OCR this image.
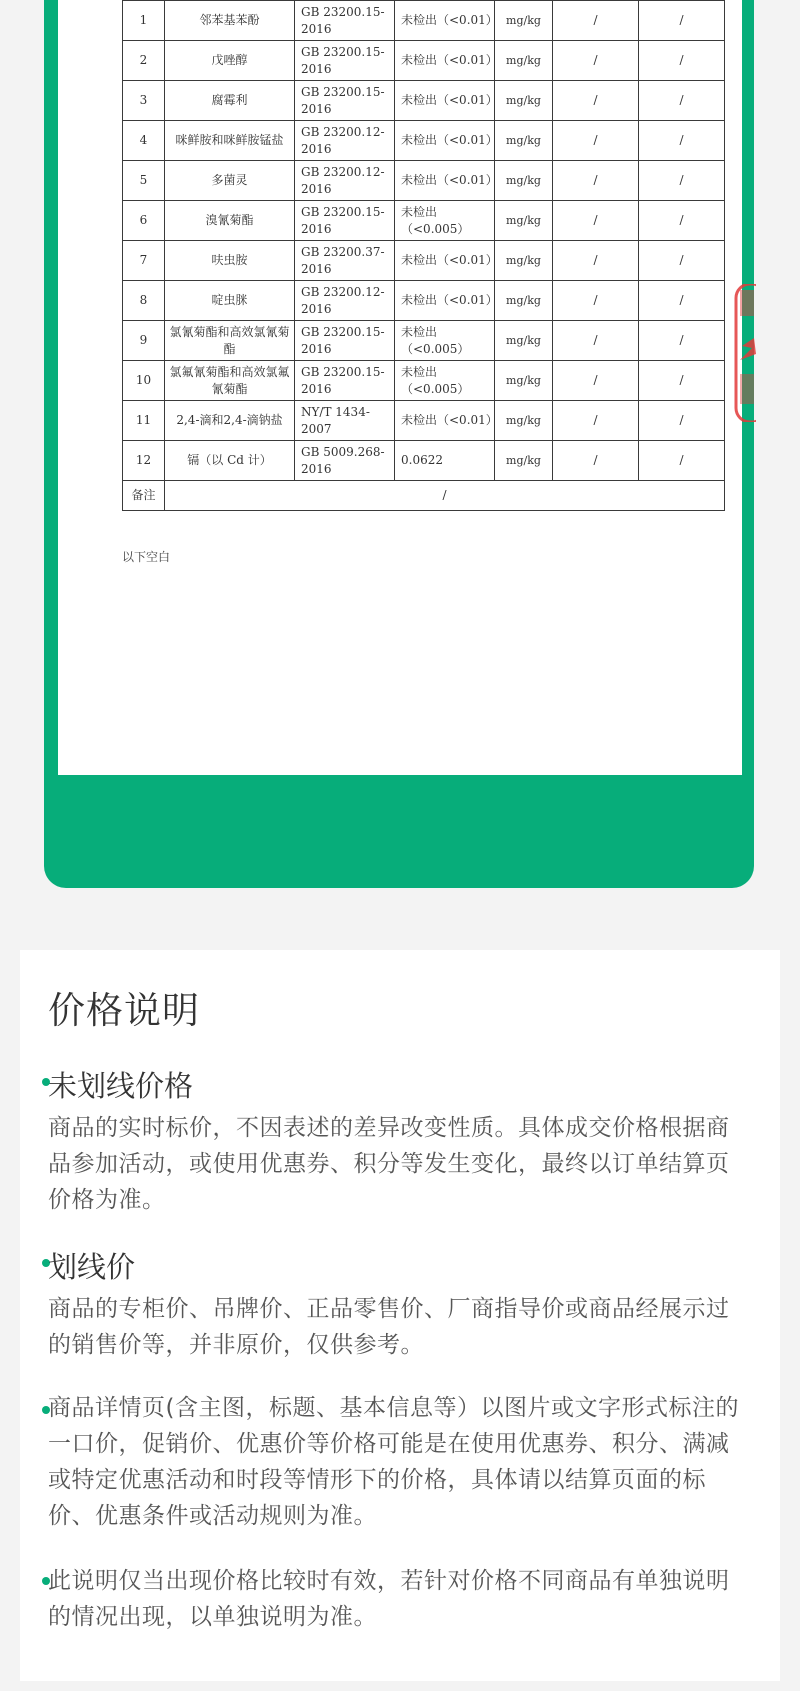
1	邻苯基苯酚	GB 23200.15-2016	未检出（<0.01）	mg/kg	/	/
2	戊唑醇	GB 23200.15-2016	未检出（<0.01）	mg/kg	/	/
3	腐霉利	GB 23200.15-2016	未检出（<0.01）	mg/kg	/	/
4	咪鲜胺和咪鲜胺锰盐	GB 23200.12-2016	未检出（<0.01）	mg/kg	/	/
5	多菌灵	GB 23200.12-2016	未检出（<0.01）	mg/kg	/	/
6	溴氰菊酯	GB 23200.15-2016	未检出（<0.005）	mg/kg	/	/
7	呋虫胺	GB 23200.37-2016	未检出（<0.01）	mg/kg	/	/
8	啶虫脒	GB 23200.12-2016	未检出（<0.01）	mg/kg	/	/
9	氯氰菊酯和高效氯氰菊酯	GB 23200.15-2016	未检出（<0.005）	mg/kg	/	/
10	氯氟氰菊酯和高效氯氟氰菊酯	GB 23200.15-2016	未检出（<0.005）	mg/kg	/	/
11	2,4-滴和2,4-滴钠盐	NY/T 1434-2007	未检出（<0.01）	mg/kg	/	/
12	镉（以 Cd 计）	GB 5009.268-2016	0.0622	mg/kg	/	/
备注	/					
以下空白
价格说明
未划线价格

商品的实时标价，不因表述的差异改变性质。具体成交价格根据商品参加活动，或使用优惠券、积分等发生变化，最终以订单结算页价格为准。

划线价

商品的专柜价、吊牌价、正品零售价、厂商指导价或商品经展示过的销售价等，并非原价，仅供参考。

商品详情页(含主图，标题、基本信息等）以图片或文字形式标注的一口价，促销价、优惠价等价格可能是在使用优惠券、积分、满减或特定优惠活动和时段等情形下的价格，具体请以结算页面的标价、优惠条件或活动规则为准。

此说明仅当出现价格比较时有效，若针对价格不同商品有单独说明的情况出现，以单独说明为准。
